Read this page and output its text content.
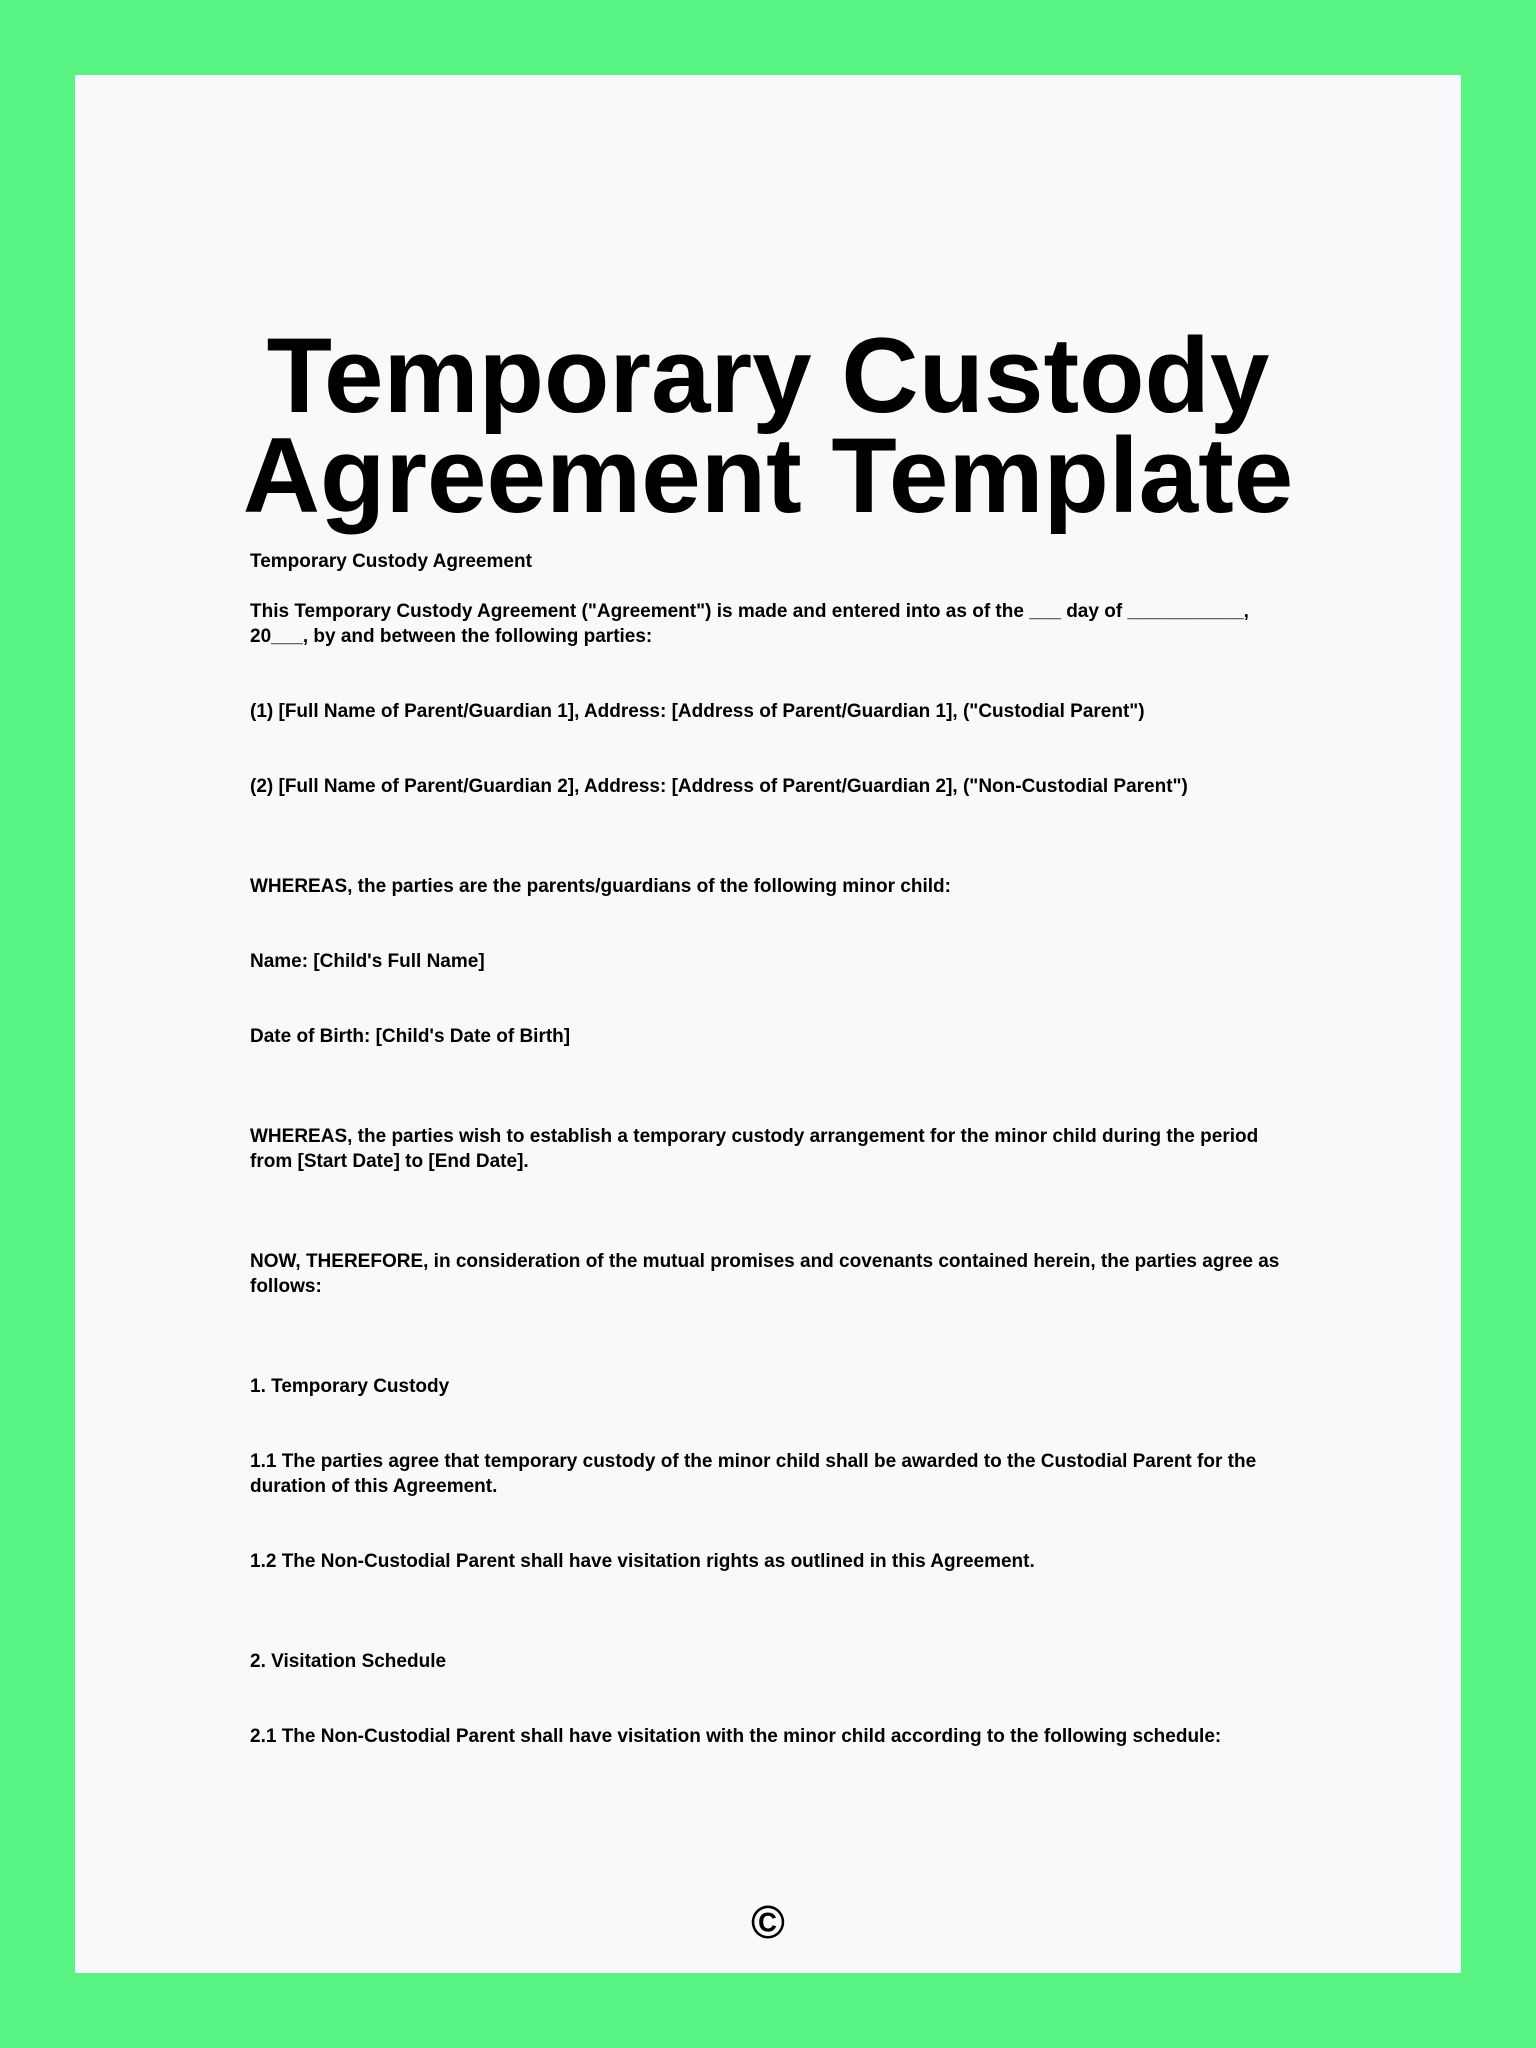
Temporary Custody
Agreement Template

Temporary Custody Agreement

This Temporary Custody Agreement ("Agreement") is made and entered into as of the ___ day of ___________, 20___, by and between the following parties:

(1) [Full Name of Parent/Guardian 1], Address: [Address of Parent/Guardian 1], ("Custodial Parent")

(2) [Full Name of Parent/Guardian 2], Address: [Address of Parent/Guardian 2], ("Non-Custodial Parent")

WHEREAS, the parties are the parents/guardians of the following minor child:

Name: [Child's Full Name]

Date of Birth: [Child's Date of Birth]

WHEREAS, the parties wish to establish a temporary custody arrangement for the minor child during the period from [Start Date] to [End Date].

NOW, THEREFORE, in consideration of the mutual promises and covenants contained herein, the parties agree as follows:

1. Temporary Custody

1.1 The parties agree that temporary custody of the minor child shall be awarded to the Custodial Parent for the duration of this Agreement.

1.2 The Non-Custodial Parent shall have visitation rights as outlined in this Agreement.

2. Visitation Schedule

2.1 The Non-Custodial Parent shall have visitation with the minor child according to the following schedule:

©
